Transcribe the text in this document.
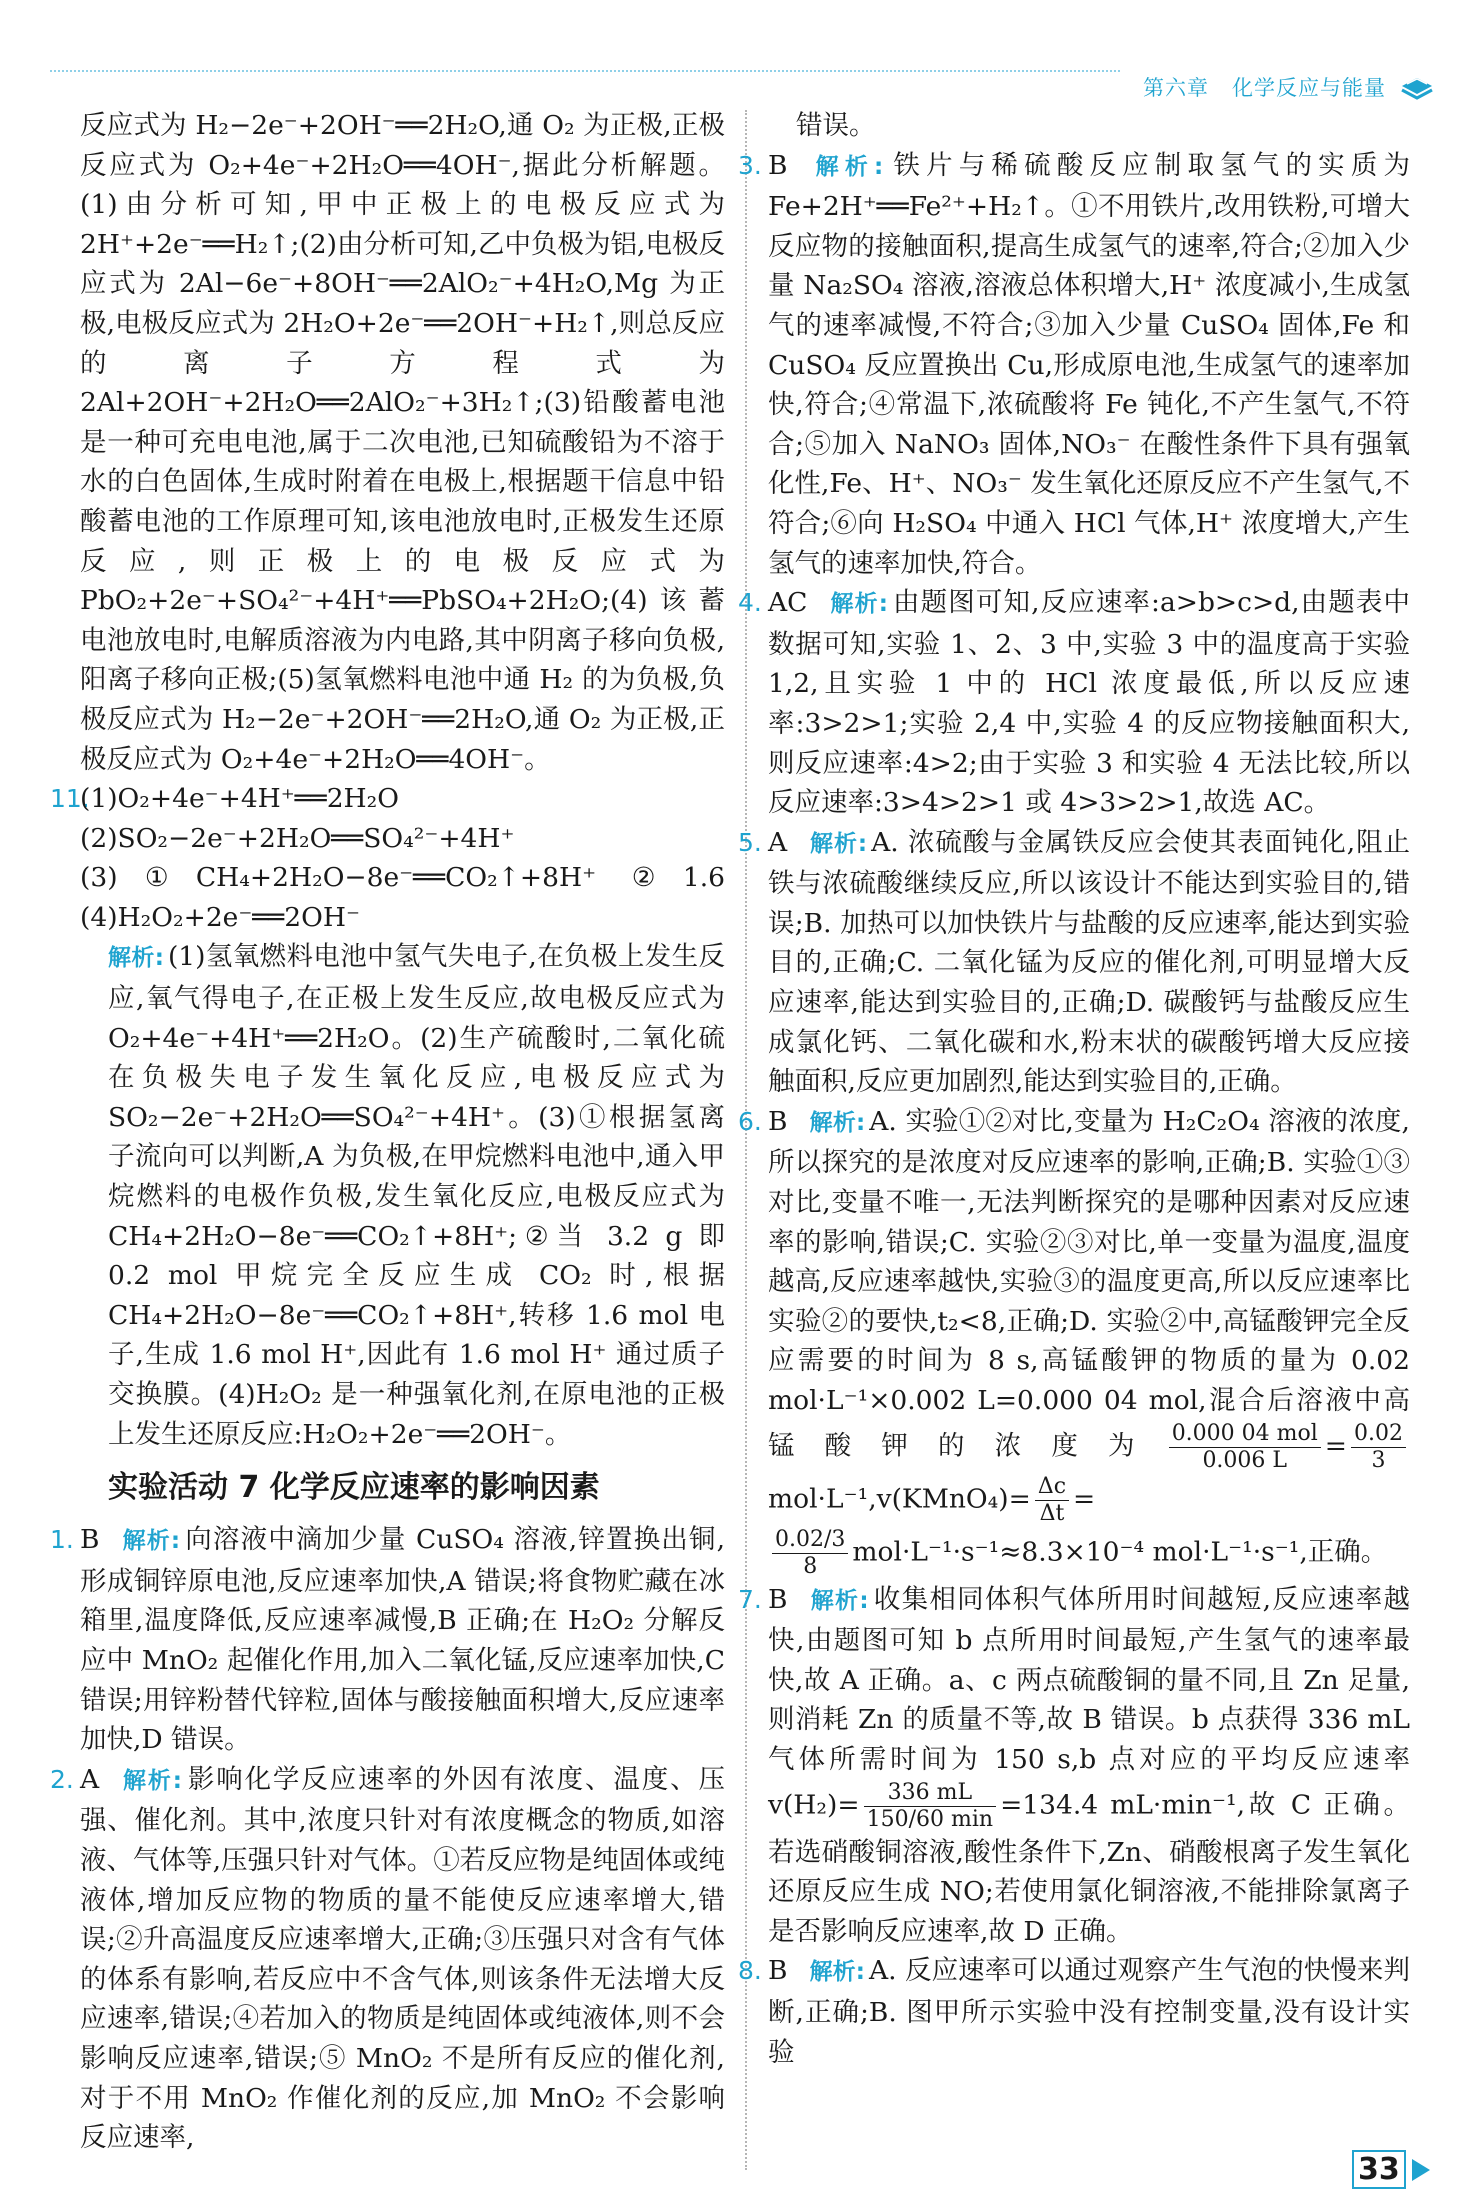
第六章 化学反应与能量

反应式为 H₂−2e⁻+2OH⁻══2H₂O,通 O₂ 为正极,正极反应式为 O₂+4e⁻+2H₂O══4OH⁻,据此分析解题。(1)由分析可知,甲中正极上的电极反应式为 2H⁺+2e⁻══H₂↑;(2)由分析可知,乙中负极为铝,电极反应式为 2Al−6e⁻+8OH⁻══2AlO₂⁻+4H₂O,Mg 为正极,电极反应式为 2H₂O+2e⁻══2OH⁻+H₂↑,则总反应的离子方程式为 2Al+2OH⁻+2H₂O══2AlO₂⁻+3H₂↑;(3)铅酸蓄电池是一种可充电电池,属于二次电池,已知硫酸铅为不溶于水的白色固体,生成时附着在电极上,根据题干信息中铅酸蓄电池的工作原理可知,该电池放电时,正极发生还原反应,则正极上的电极反应式为 PbO₂+2e⁻+SO₄²⁻+4H⁺══PbSO₄+2H₂O;(4)该蓄电池放电时,电解质溶液为内电路,其中阴离子移向负极,阳离子移向正极;(5)氢氧燃料电池中通 H₂ 的为负极,负极反应式为 H₂−2e⁻+2OH⁻══2H₂O,通 O₂ 为正极,正极反应式为 O₂+4e⁻+2H₂O══4OH⁻。

11.(1)O₂+4e⁻+4H⁺══2H₂O (2)SO₂−2e⁻+2H₂O══SO₄²⁻+4H⁺ (3)①CH₄+2H₂O−8e⁻══CO₂↑+8H⁺ ②1.6 (4)H₂O₂+2e⁻══2OH⁻
解析: (1)氢氧燃料电池中氢气失电子,在负极上发生反应,氧气得电子,在正极上发生反应,故电极反应式为 O₂+4e⁻+4H⁺══2H₂O。(2)生产硫酸时,二氧化硫在负极失电子发生氧化反应,电极反应式为 SO₂−2e⁻+2H₂O══SO₄²⁻+4H⁺。(3)①根据氢离子流向可以判断,A 为负极,在甲烷燃料电池中,通入甲烷燃料的电极作负极,发生氧化反应,电极反应式为 CH₄+2H₂O−8e⁻══CO₂↑+8H⁺;②当 3.2 g 即 0.2 mol 甲烷完全反应生成 CO₂ 时,根据 CH₄+2H₂O−8e⁻══CO₂↑+8H⁺,转移 1.6 mol 电子,生成 1.6 mol H⁺,因此有 1.6 mol H⁺ 通过质子交换膜。(4)H₂O₂ 是一种强氧化剂,在原电池的正极上发生还原反应:H₂O₂+2e⁻══2OH⁻。
实验活动 7 化学反应速率的影响因素
1. B 解析: 向溶液中滴加少量 CuSO₄ 溶液,锌置换出铜,形成铜锌原电池,反应速率加快,A 错误;将食物贮藏在冰箱里,温度降低,反应速率减慢,B 正确;在 H₂O₂ 分解反应中 MnO₂ 起催化作用,加入二氧化锰,反应速率加快,C 错误;用锌粉替代锌粒,固体与酸接触面积增大,反应速率加快,D 错误。
2. A 解析: 影响化学反应速率的外因有浓度、温度、压强、催化剂。其中,浓度只针对有浓度概念的物质,如溶液、气体等,压强只针对气体。①若反应物是纯固体或纯液体,增加反应物的物质的量不能使反应速率增大,错误;②升高温度反应速率增大,正确;③压强只对含有气体的体系有影响,若反应中不含气体,则该条件无法增大反应速率,错误;④若加入的物质是纯固体或纯液体,则不会影响反应速率,错误;⑤ MnO₂ 不是所有反应的催化剂,对于不用 MnO₂ 作催化剂的反应,加 MnO₂ 不会影响反应速率,

错误。

3. B 解析: 铁片与稀硫酸反应制取氢气的实质为 Fe+2H⁺══Fe²⁺+H₂↑。①不用铁片,改用铁粉,可增大反应物的接触面积,提高生成氢气的速率,符合;②加入少量 Na₂SO₄ 溶液,溶液总体积增大,H⁺ 浓度减小,生成氢气的速率减慢,不符合;③加入少量 CuSO₄ 固体,Fe 和 CuSO₄ 反应置换出 Cu,形成原电池,生成氢气的速率加快,符合;④常温下,浓硫酸将 Fe 钝化,不产生氢气,不符合;⑤加入 NaNO₃ 固体,NO₃⁻ 在酸性条件下具有强氧化性,Fe、H⁺、NO₃⁻ 发生氧化还原反应不产生氢气,不符合;⑥向 H₂SO₄ 中通入 HCl 气体,H⁺ 浓度增大,产生氢气的速率加快,符合。
4. AC 解析: 由题图可知,反应速率:a>b>c>d,由题表中数据可知,实验 1、2、3 中,实验 3 中的温度高于实验 1,2,且实验 1 中的 HCl 浓度最低,所以反应速率:3>2>1;实验 2,4 中,实验 4 的反应物接触面积大,则反应速率:4>2;由于实验 3 和实验 4 无法比较,所以反应速率:3>4>2>1 或 4>3>2>1,故选 AC。
5. A 解析: A. 浓硫酸与金属铁反应会使其表面钝化,阻止铁与浓硫酸继续反应,所以该设计不能达到实验目的,错误;B. 加热可以加快铁片与盐酸的反应速率,能达到实验目的,正确;C. 二氧化锰为反应的催化剂,可明显增大反应速率,能达到实验目的,正确;D. 碳酸钙与盐酸反应生成氯化钙、二氧化碳和水,粉末状的碳酸钙增大反应接触面积,反应更加剧烈,能达到实验目的,正确。
6. B 解析: A. 实验①②对比,变量为 H₂C₂O₄ 溶液的浓度,所以探究的是浓度对反应速率的影响,正确;B. 实验①③对比,变量不唯一,无法判断探究的是哪种因素对反应速率的影响,错误;C. 实验②③对比,单一变量为温度,温度越高,反应速率越快,实验③的温度更高,所以反应速率比实验②的要快,t₂<8,正确;D. 实验②中,高锰酸钾完全反应需要的时间为 8 s,高锰酸钾的物质的量为 0.02 mol·L⁻¹×0.002 L=0.000 04 mol,混合后溶液中高锰酸钾的浓度为 $\frac{\text{0.000 04 mol}}{0.006 L} = \frac{0.02}{3}$
mol·L⁻¹,v(KMnO₄)= $\frac{\Delta c}{\Delta t}$ =

$\frac{0.02/3}{8} mol\cdot L^{-1}\cdot s^{-1}\approx 8.3\times 10^{-4}$ mol·L⁻¹·s⁻¹,正确。
7. B 解析: 收集相同体积气体所用时间越短,反应速率越快,由题图可知 b 点所用时间最短,产生氢气的速率最快,故 A 正确。a、c 两点硫酸铜的量不同,且 Zn 足量,则消耗 Zn 的质量不等,故 B 错误。b 点获得 336 mL 气体所需时间为 150 s,b 点对应的平均反应速率 $v(H_2)= \frac{336 mL}{150/60 \min} =134.4$ mL·min⁻¹,故 C 正确。若选硝酸铜溶液,酸性条件下,Zn、硝酸根离子发生氧化还原反应生成 NO;若使用氯化铜溶液,不能排除氯离子是否影响反应速率,故 D 正确。
8. B 解析: A. 反应速率可以通过观察产生气泡的快慢来判断,正确;B. 图甲所示实验中没有控制变量,没有设计实验
33
